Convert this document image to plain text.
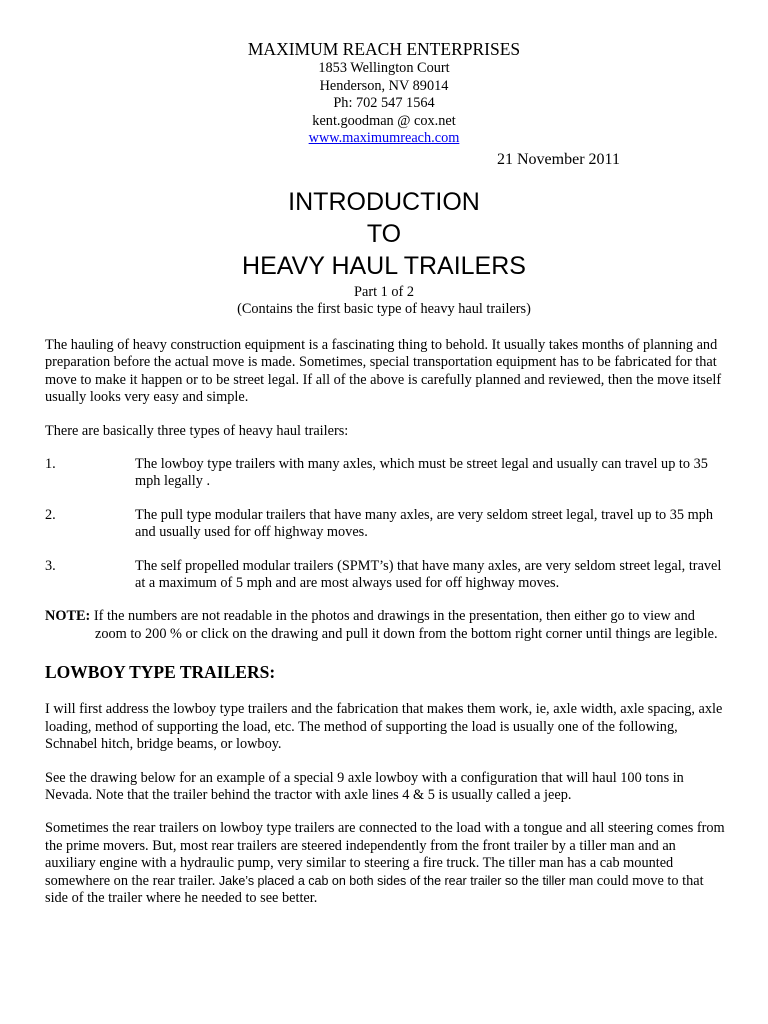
MAXIMUM REACH ENTERPRISES
1853 Wellington Court
Henderson, NV 89014
Ph: 702 547 1564
kent.goodman @ cox.net
www.maximumreach.com
21 November 2011
INTRODUCTION
TO
HEAVY HAUL TRAILERS
Part 1 of 2
(Contains the first basic type of heavy haul trailers)

The hauling of heavy construction equipment is a fascinating thing to behold. It usually takes months of planning and preparation before the actual move is made. Sometimes, special transportation equipment has to be fabricated for that move to make it happen or to be street legal. If all of the above is carefully planned and reviewed, then the move itself usually looks very easy and simple.

There are basically three types of heavy haul trailers:

1.	The lowboy type trailers with many axles, which must be street legal and usually can travel up to 35 mph legally .
2.	The pull type modular trailers that have many axles, are very seldom street legal, travel up to 35 mph and usually used for off highway moves.
3.	The self propelled modular trailers (SPMT’s) that have many axles, are very seldom street legal, travel at a maximum of 5 mph and are most always used for off highway moves.
NOTE: If the numbers are not readable in the photos and drawings in the presentation, then either go to view and zoom to 200 % or click on the drawing and pull it down from the bottom right corner until things are legible.
LOWBOY TYPE TRAILERS:

I will first address the lowboy type trailers and the fabrication that makes them work, ie, axle width, axle spacing, axle loading, method of supporting the load, etc. The method of supporting the load is usually one of the following, Schnabel hitch, bridge beams, or lowboy.

See the drawing below for an example of a special 9 axle lowboy with a configuration that will haul 100 tons in Nevada. Note that the trailer behind the tractor with axle lines 4 & 5 is usually called a jeep.

Sometimes the rear trailers on lowboy type trailers are connected to the load with a tongue and all steering comes from the prime movers. But, most rear trailers are steered independently from the front trailer by a tiller man and an auxiliary engine with a hydraulic pump, very similar to steering a fire truck. The tiller man has a cab mounted somewhere on the rear trailer. Jake’s placed a cab on both sides of the rear trailer so the tiller man could move to that side of the trailer where he needed to see better.
